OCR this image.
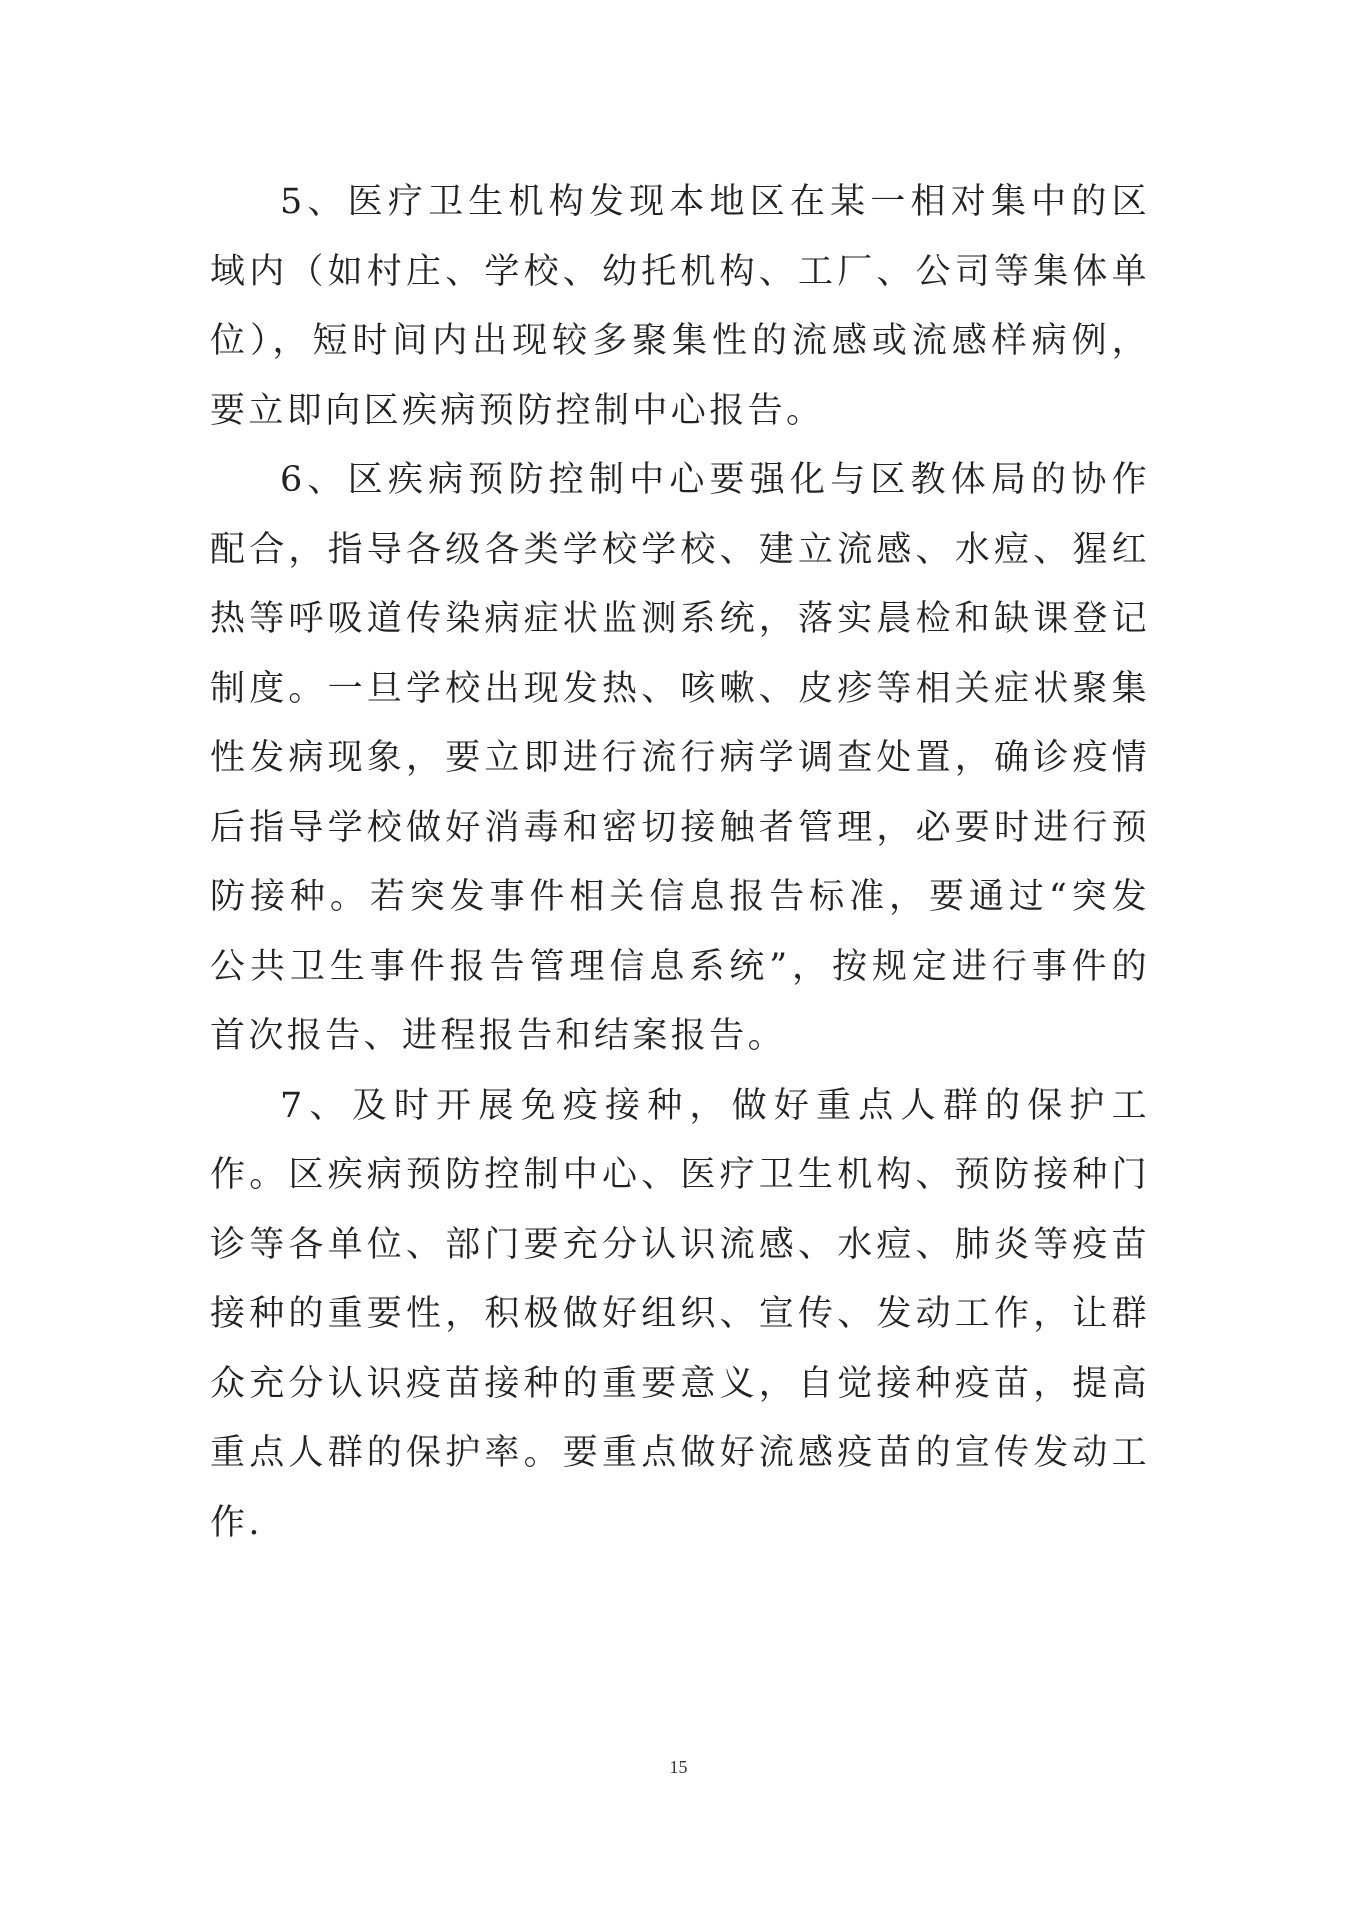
5、医疗卫生机构发现本地区在某一相对集中的区域内（如村庄、学校、幼托机构、工厂、公司等集体单位），短时间内出现较多聚集性的流感或流感样病例，要立即向区疾病预防控制中心报告。

6、区疾病预防控制中心要强化与区教体局的协作配合，指导各级各类学校学校、建立流感、水痘、猩红热等呼吸道传染病症状监测系统，落实晨检和缺课登记制度。一旦学校出现发热、咳嗽、皮疹等相关症状聚集性发病现象，要立即进行流行病学调查处置，确诊疫情后指导学校做好消毒和密切接触者管理，必要时进行预防接种。若突发事件相关信息报告标准，要通过“突发公共卫生事件报告管理信息系统”，按规定进行事件的首次报告、进程报告和结案报告。

7、及时开展免疫接种，做好重点人群的保护工作。区疾病预防控制中心、医疗卫生机构、预防接种门诊等各单位、部门要充分认识流感、水痘、肺炎等疫苗接种的重要性，积极做好组织、宣传、发动工作，让群众充分认识疫苗接种的重要意义，自觉接种疫苗，提高重点人群的保护率。要重点做好流感疫苗的宣传发动工作.

15
